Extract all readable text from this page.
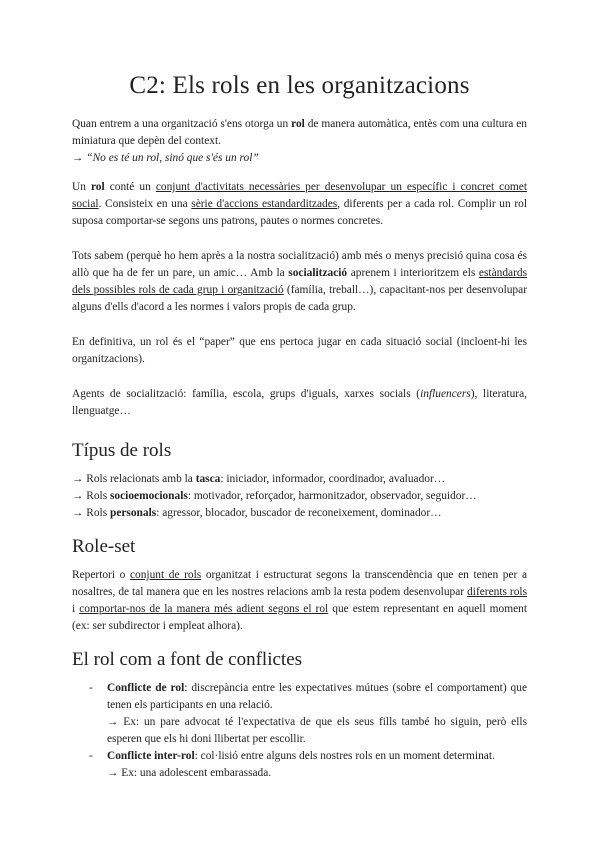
C2: Els rols en les organitzacions

Quan entrem a una organització s'ens otorga un rol de manera automàtica, entès com una cultura en miniatura que depèn del context.
→ “No es té un rol, sinó que s'és un rol”

Un rol conté un conjunt d'activitats necessàries per desenvolupar un específic i concret comet social. Consisteix en una sèrie d'accions estandarditzades, diferents per a cada rol. Complir un rol suposa comportar-se segons uns patrons, pautes o normes concretes.

Tots sabem (perquè ho hem après a la nostra socialització) amb més o menys precisió quina cosa és allò que ha de fer un pare, un amic… Amb la socialització aprenem i interioritzem els estàndards dels possibles rols de cada grup i organització (família, treball…), capacitant-nos per desenvolupar alguns d'ells d'acord a les normes i valors propis de cada grup.

En definitiva, un rol és el “paper” que ens pertoca jugar en cada situació social (incloent-hi les organitzacions).

Agents de socialització: família, escola, grups d'iguals, xarxes socials (influencers), literatura, llenguatge…

Típus de rols

→ Rols relacionats amb la tasca: iniciador, informador, coordinador, avaluador…
→ Rols socioemocionals: motivador, reforçador, harmonitzador, observador, seguidor…
→ Rols personals: agressor, blocador, buscador de reconeixement, dominador…

Role-set

Repertori o conjunt de rols organitzat i estructurat segons la transcendència que en tenen per a nosaltres, de tal manera que en les nostres relacions amb la resta podem desenvolupar diferents rols i comportar-nos de la manera més adient segons el rol que estem representant en aquell moment (ex: ser subdirector i empleat alhora).

El rol com a font de conflictes
- Conflicte de rol: discrepància entre les expectatives mútues (sobre el comportament) que tenen els participants en una relació.
→ Ex: un pare advocat té l'expectativa de que els seus fills també ho siguin, però ells esperen que els hi doni llibertat per escollir.
- Conflicte inter-rol: col·lisió entre alguns dels nostres rols en un moment determinat.
→ Ex: una adolescent embarassada.
